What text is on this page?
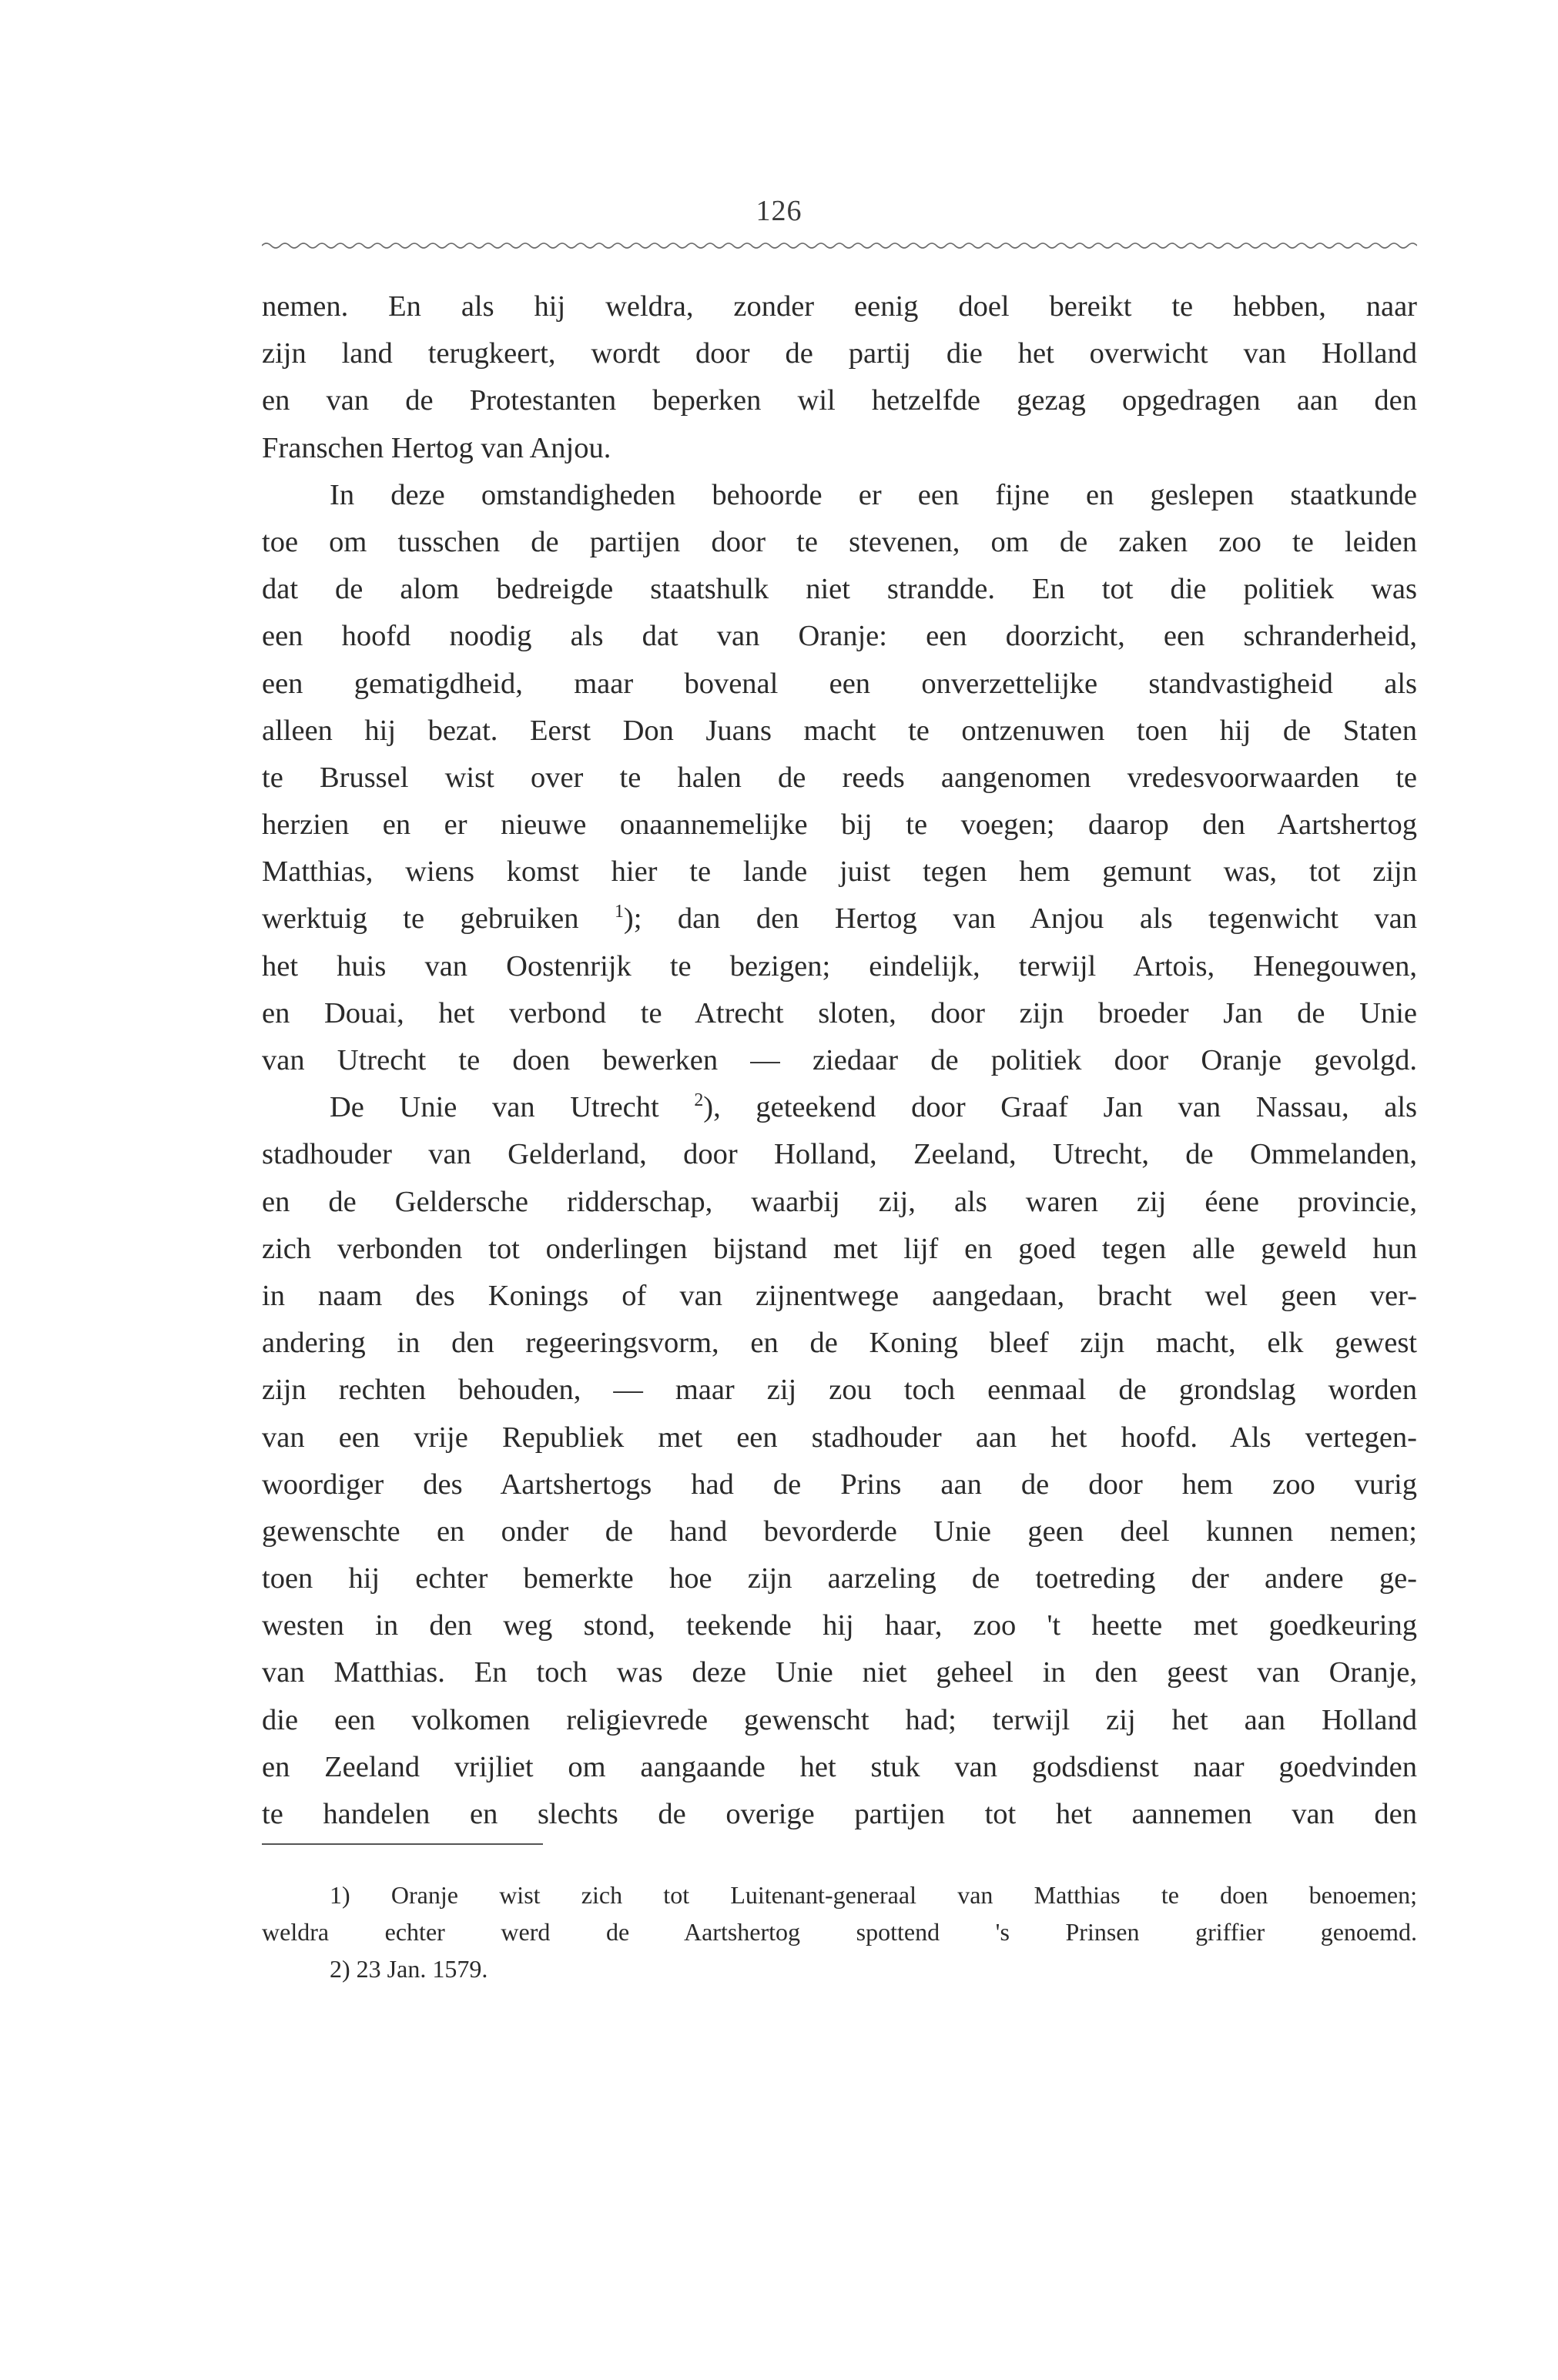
126
nemen. En als hij weldra, zonder eenig doel bereikt te hebben, naar
zijn land terugkeert, wordt door de partij die het overwicht van Holland
en van de Protestanten beperken wil hetzelfde gezag opgedragen aan den
Franschen Hertog van Anjou.
In deze omstandigheden behoorde er een fijne en geslepen staatkunde
toe om tusschen de partijen door te stevenen, om de zaken zoo te leiden
dat de alom bedreigde staatshulk niet strandde. En tot die politiek was
een hoofd noodig als dat van Oranje: een doorzicht, een schranderheid,
een gematigdheid, maar bovenal een onverzettelijke standvastigheid als
alleen hij bezat. Eerst Don Juans macht te ontzenuwen toen hij de Staten
te Brussel wist over te halen de reeds aangenomen vredesvoorwaarden te
herzien en er nieuwe onaannemelijke bij te voegen; daarop den Aartshertog
Matthias, wiens komst hier te lande juist tegen hem gemunt was, tot zijn
werktuig te gebruiken $^1$); dan den Hertog van Anjou als tegenwicht van
het huis van Oostenrijk te bezigen; eindelijk, terwijl Artois, Henegouwen,
en Douai, het verbond te Atrecht sloten, door zijn broeder Jan de Unie
van Utrecht te doen bewerken — ziedaar de politiek door Oranje gevolgd.
De Unie van Utrecht $^2$), geteekend door Graaf Jan van Nassau, als
stadhouder van Gelderland, door Holland, Zeeland, Utrecht, de Ommelanden,
en de Geldersche ridderschap, waarbij zij, als waren zij éene provincie,
zich verbonden tot onderlingen bijstand met lijf en goed tegen alle geweld hun
in naam des Konings of van zijnentwege aangedaan, bracht wel geen ver-
andering in den regeeringsvorm, en de Koning bleef zijn macht, elk gewest
zijn rechten behouden, — maar zij zou toch eenmaal de grondslag worden
van een vrije Republiek met een stadhouder aan het hoofd. Als vertegen-
woordiger des Aartshertogs had de Prins aan de door hem zoo vurig
gewenschte en onder de hand bevorderde Unie geen deel kunnen nemen;
toen hij echter bemerkte hoe zijn aarzeling de toetreding der andere ge-
westen in den weg stond, teekende hij haar, zoo 't heette met goedkeuring
van Matthias. En toch was deze Unie niet geheel in den geest van Oranje,
die een volkomen religievrede gewenscht had; terwijl zij het aan Holland
en Zeeland vrijliet om aangaande het stuk van godsdienst naar goedvinden
te handelen en slechts de overige partijen tot het aannemen van den
1) Oranje wist zich tot Luitenant-generaal van Matthias te doen benoemen;
weldra echter werd de Aartshertog spottend 's Prinsen griffier genoemd.
2) 23 Jan. 1579.
